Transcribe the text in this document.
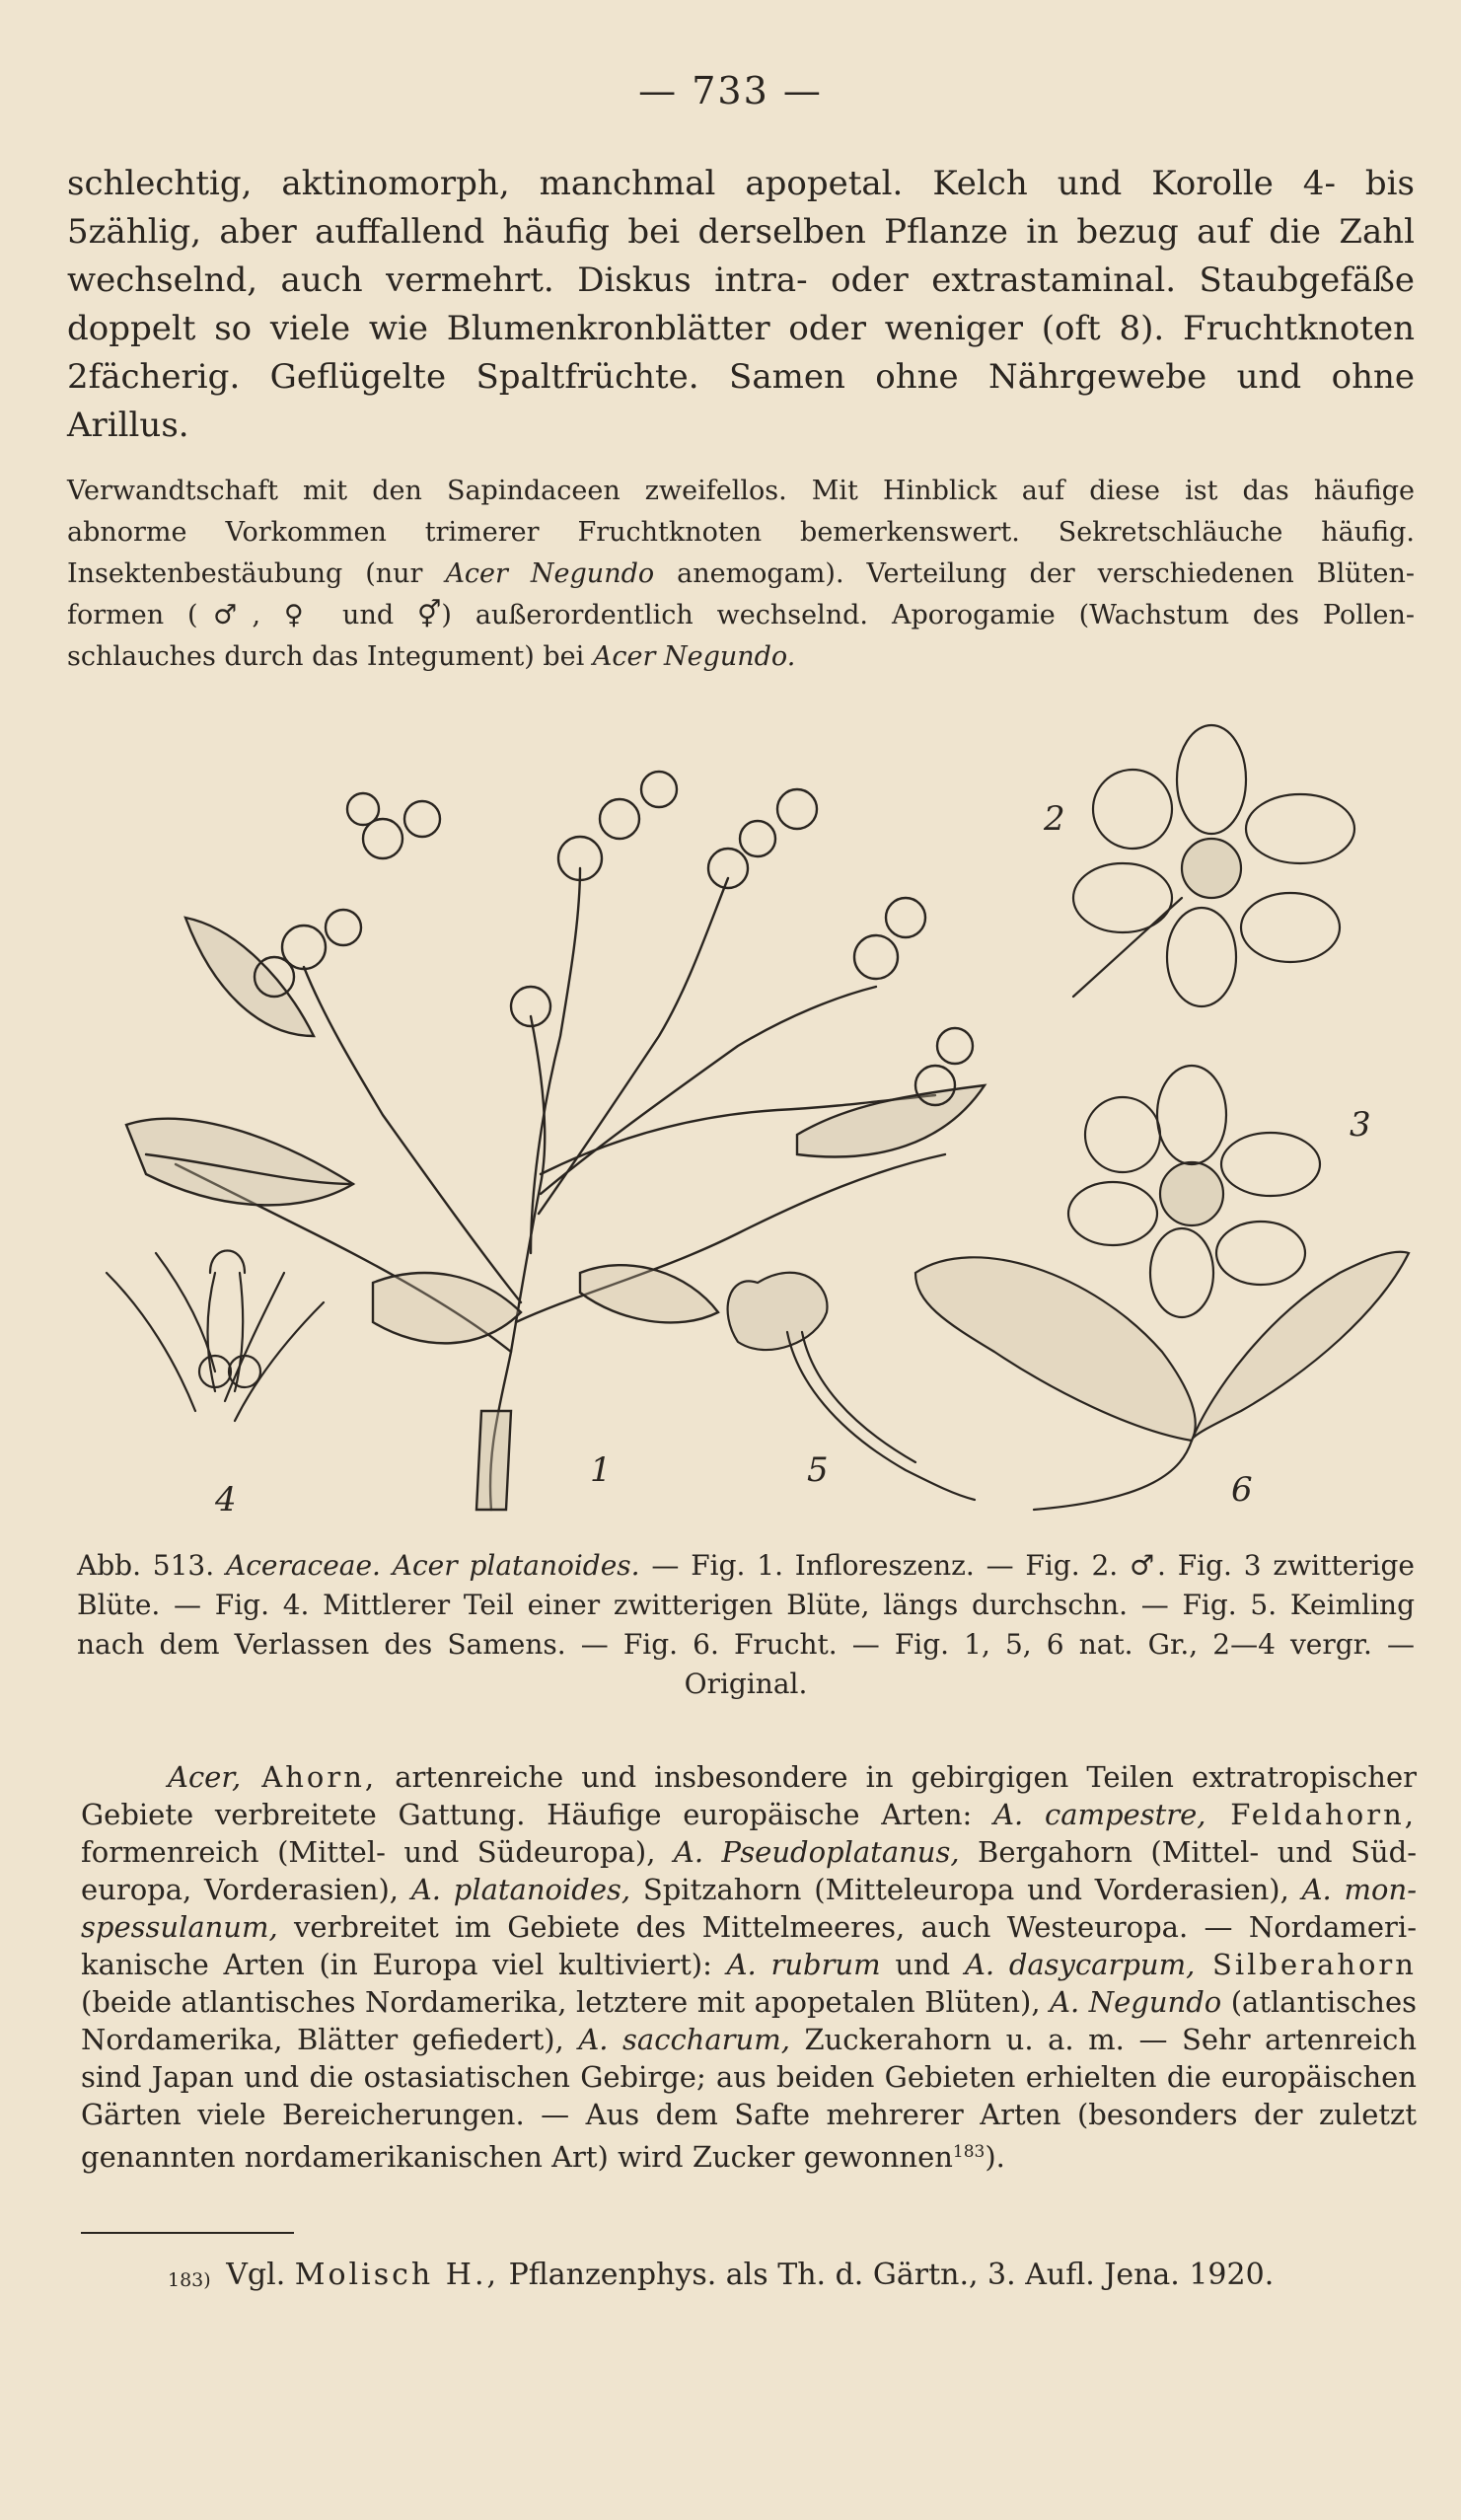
— 733 —
schlechtig, aktinomorph, manchmal apopetal. Kelch und Korolle 4- bis
5zählig, aber auffallend häufig bei derselben Pflanze in bezug auf die Zahl
wechselnd, auch vermehrt. Diskus intra- oder extrastaminal. Staubgefäße
doppelt so viele wie Blumenkronblätter oder weniger (oft 8). Fruchtknoten
2fächerig. Geflügelte Spaltfrüchte. Samen ohne Nährgewebe und ohne
Arillus.
Verwandtschaft mit den Sapindaceen zweifellos. Mit Hinblick auf diese ist das häufige
abnorme Vorkommen trimerer Fruchtknoten bemerkenswert. Sekretschläuche häufig.
Insektenbestäubung (nur Acer Negundo anemogam). Verteilung der verschiedenen Blüten-
formen (♂, ♀ und ⚥) außerordentlich wechselnd. Aporogamie (Wachstum des Pollen-
schlauches durch das Integument) bei Acer Negundo.
1
2
3
4
5	6
Abb. 513. Aceraceae. Acer platanoides. — Fig. 1. Infloreszenz. — Fig. 2. ♂. Fig. 3 zwitterige
Blüte. — Fig. 4. Mittlerer Teil einer zwitterigen Blüte, längs durchschn. — Fig. 5. Keimling
nach dem Verlassen des Samens. — Fig. 6. Frucht. — Fig. 1, 5, 6 nat. Gr., 2—4 vergr. —
Original.
Acer, Ahorn, artenreiche und insbesondere in gebirgigen Teilen extratropischer
Gebiete verbreitete Gattung. Häufige europäische Arten: A. campestre, Feldahorn,
formenreich (Mittel- und Südeuropa), A. Pseudoplatanus, Bergahorn (Mittel- und Süd-
europa, Vorderasien), A. platanoides, Spitzahorn (Mitteleuropa und Vorderasien), A. mon-
spessulanum, verbreitet im Gebiete des Mittelmeeres, auch Westeuropa. — Nordameri-
kanische Arten (in Europa viel kultiviert): A. rubrum und A. dasycarpum, Silberahorn
(beide atlantisches Nordamerika, letztere mit apopetalen Blüten), A. Negundo (atlantisches
Nordamerika, Blätter gefiedert), A. saccharum, Zuckerahorn u. a. m. — Sehr artenreich
sind Japan und die ostasiatischen Gebirge; aus beiden Gebieten erhielten die europäischen
Gärten viele Bereicherungen. — Aus dem Safte mehrerer Arten (besonders der zuletzt
genannten nordamerikanischen Art) wird Zucker gewonnen$^{183}$).
183) Vgl. Molisch H., Pflanzenphys. als Th. d. Gärtn., 3. Aufl. Jena. 1920.
